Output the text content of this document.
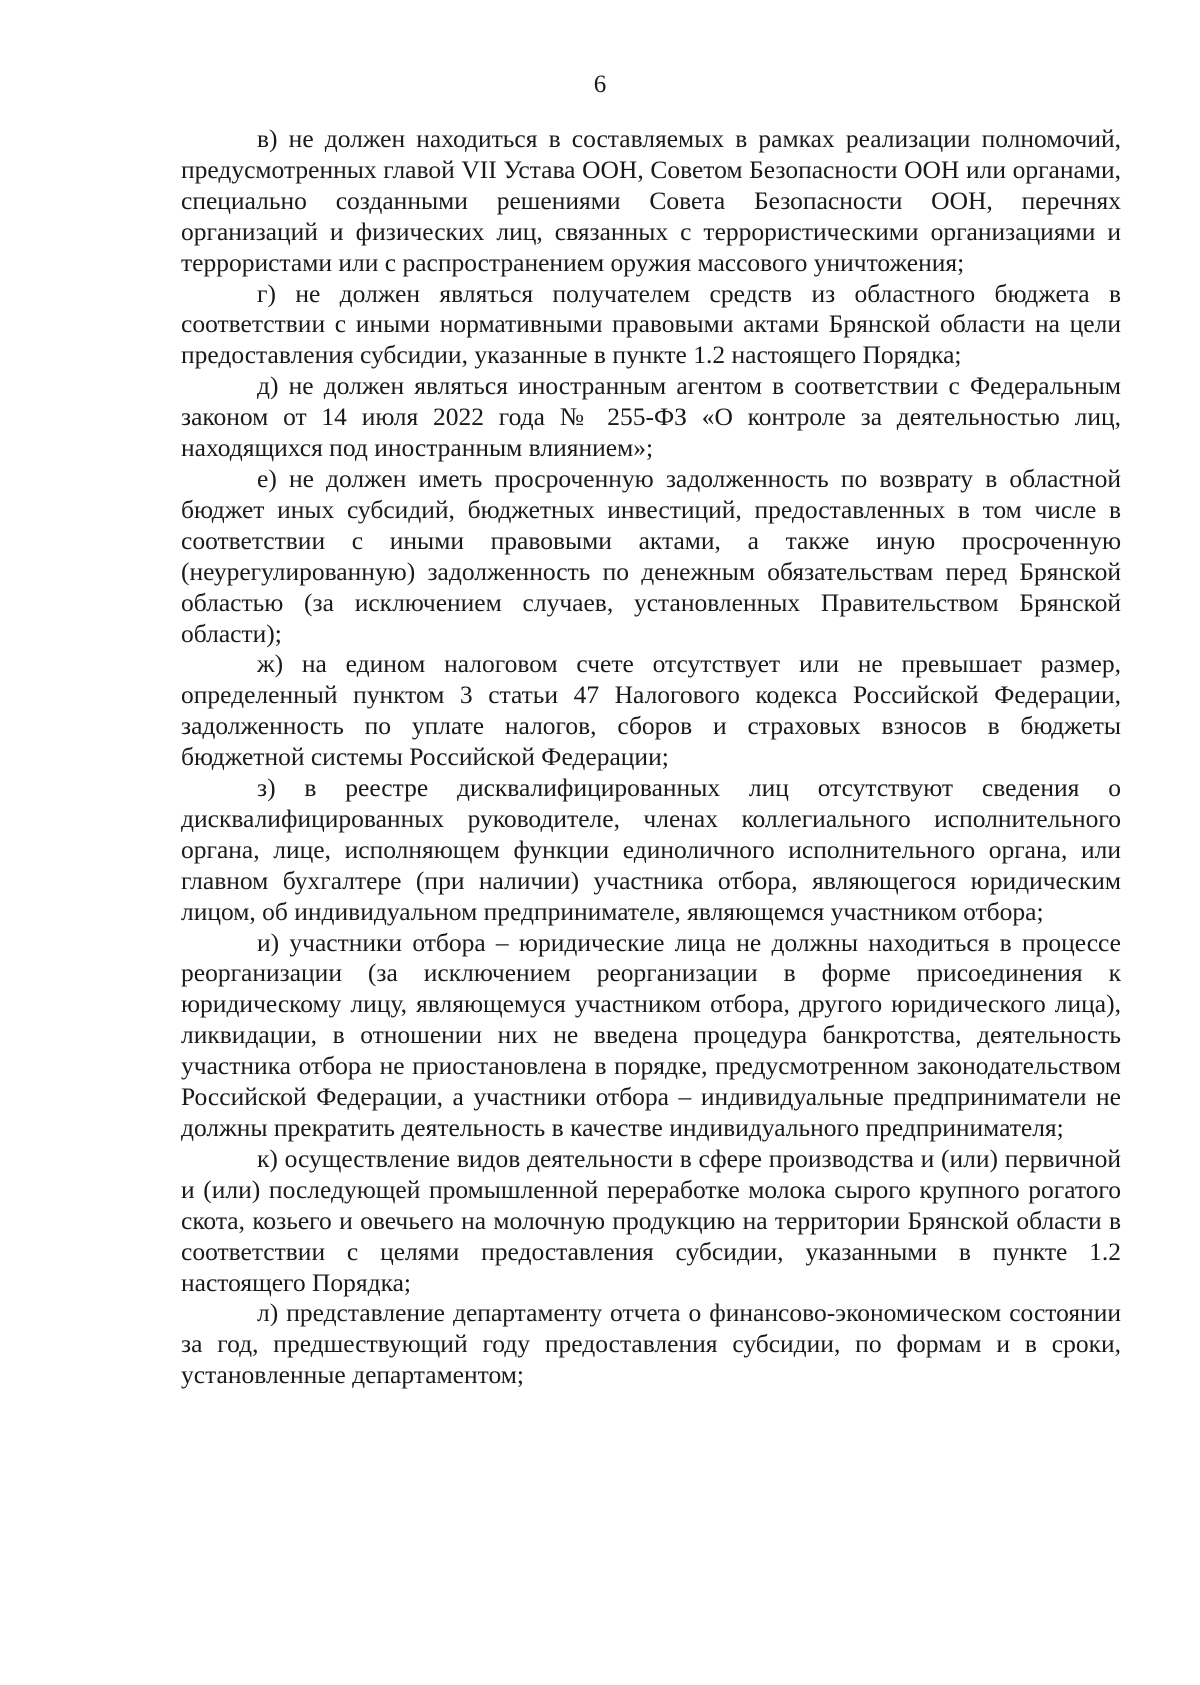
6

в) не должен находиться в составляемых в рамках реализации полномочий, предусмотренных главой VII Устава ООН, Советом Безопасности ООН или органами, специально созданными решениями Совета Безопасности ООН, перечнях организаций и физических лиц, связанных с террористическими организациями и террористами или с распространением оружия массового уничтожения;

г) не должен являться получателем средств из областного бюджета в соответствии с иными нормативными правовыми актами Брянской области на цели предоставления субсидии, указанные в пункте 1.2 настоящего Порядка;

д) не должен являться иностранным агентом в соответствии с Федеральным законом от 14 июля 2022 года № 255-ФЗ «О контроле за деятельностью лиц, находящихся под иностранным влиянием»;

е) не должен иметь просроченную задолженность по возврату в областной бюджет иных субсидий, бюджетных инвестиций, предоставленных в том числе в соответствии с иными правовыми актами, а также иную просроченную (неурегулированную) задолженность по денежным обязательствам перед Брянской областью (за исключением случаев, установленных Правительством Брянской области);

ж) на едином налоговом счете отсутствует или не превышает размер, определенный пунктом 3 статьи 47 Налогового кодекса Российской Федерации, задолженность по уплате налогов, сборов и страховых взносов в бюджеты бюджетной системы Российской Федерации;

з) в реестре дисквалифицированных лиц отсутствуют сведения о дисквалифицированных руководителе, членах коллегиального исполнительного органа, лице, исполняющем функции единоличного исполнительного органа, или главном бухгалтере (при наличии) участника отбора, являющегося юридическим лицом, об индивидуальном предпринимателе, являющемся участником отбора;

и) участники отбора – юридические лица не должны находиться в процессе реорганизации (за исключением реорганизации в форме присоединения к юридическому лицу, являющемуся участником отбора, другого юридического лица), ликвидации, в отношении них не введена процедура банкротства, деятельность участника отбора не приостановлена в порядке, предусмотренном законодательством Российской Федерации, а участники отбора – индивидуальные предприниматели не должны прекратить деятельность в качестве индивидуального предпринимателя;

к) осуществление видов деятельности в сфере производства и (или) первичной и (или) последующей промышленной переработке молока сырого крупного рогатого скота, козьего и овечьего на молочную продукцию на территории Брянской области в соответствии с целями предоставления субсидии, указанными в пункте 1.2 настоящего Порядка;

л) представление департаменту отчета о финансово-экономическом состоянии за год, предшествующий году предоставления субсидии, по формам и в сроки, установленные департаментом;
